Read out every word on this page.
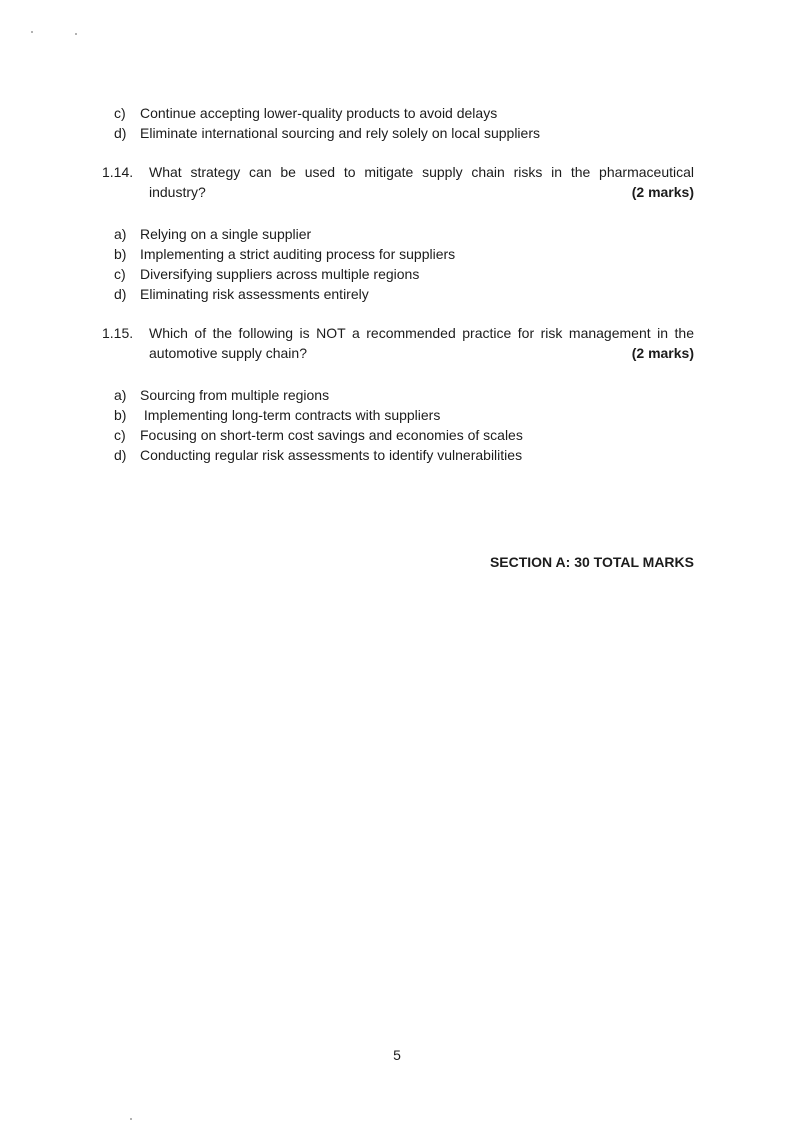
c) Continue accepting lower-quality products to avoid delays
d) Eliminate international sourcing and rely solely on local suppliers
1.14. What strategy can be used to mitigate supply chain risks in the pharmaceutical
industry?	(2 marks)
a) Relying on a single supplier
b) Implementing a strict auditing process for suppliers
c) Diversifying suppliers across multiple regions
d) Eliminating risk assessments entirely
1.15. Which of the following is NOT a recommended practice for risk management in the
automotive supply chain?	(2 marks)
a) Sourcing from multiple regions
b) Implementing long-term contracts with suppliers
c) Focusing on short-term cost savings and economies of scales
d) Conducting regular risk assessments to identify vulnerabilities
SECTION A: 30 TOTAL MARKS
5
